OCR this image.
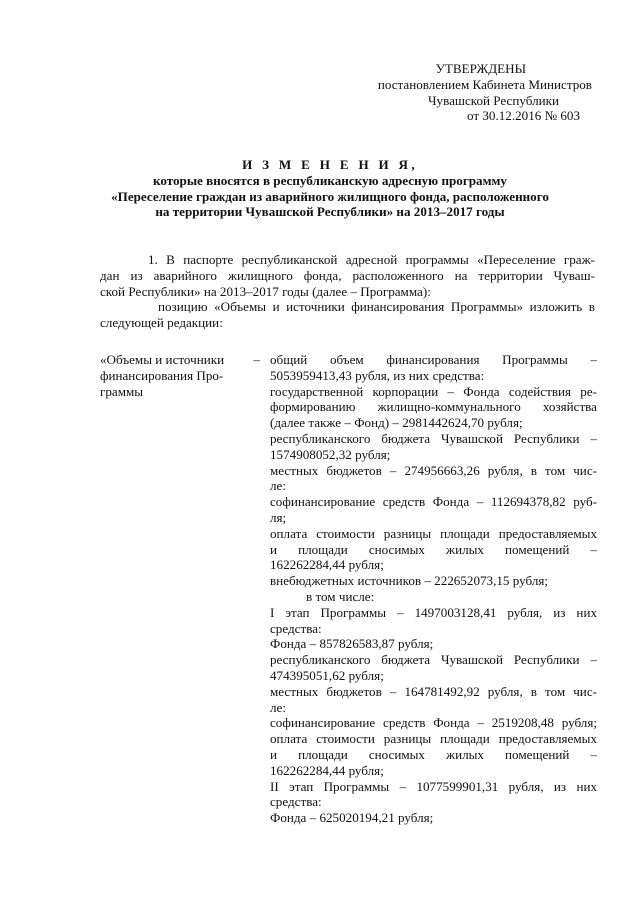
УТВЕРЖДЕНЫ
постановлением Кабинета Министров
Чувашской Республики
от 30.12.2016 № 603
И З М Е Н Е Н И Я,
которые вносятся в республиканскую адресную программу
«Переселение граждан из аварийного жилищного фонда, расположенного
на территории Чувашской Республики» на 2013–2017 годы

1. В паспорте республиканской адресной программы «Переселение граж-

дан из аварийного жилищного фонда, расположенного на территории Чуваш-

ской Республики» на 2013–2017 годы (далее – Программа):

позицию «Объемы и источники финансирования Программы» изложить в

следующей редакции:

«Объемы и источники –
финансирования Про-
граммы

общий объем финансирования Программы –

5053959413,43 рубля, из них средства:

государственной корпорации – Фонда содействия ре-

формированию жилищно-коммунального хозяйства

(далее также – Фонд) – 2981442624,70 рубля;

республиканского бюджета Чувашской Республики –

1574908052,32 рубля;

местных бюджетов – 274956663,26 рубля, в том чис-

ле:

софинансирование средств Фонда – 112694378,82 руб-

ля;

оплата стоимости разницы площади предоставляемых

и площади сносимых жилых помещений –

162262284,44 рубля;

внебюджетных источников – 222652073,15 рубля;

в том числе:

I этап Программы – 1497003128,41 рубля, из них

средства:

Фонда – 857826583,87 рубля;

республиканского бюджета Чувашской Республики –

474395051,62 рубля;

местных бюджетов – 164781492,92 рубля, в том чис-

ле:

софинансирование средств Фонда – 2519208,48 рубля;

оплата стоимости разницы площади предоставляемых

и площади сносимых жилых помещений –

162262284,44 рубля;

II этап Программы – 1077599901,31 рубля, из них

средства:

Фонда – 625020194,21 рубля;
